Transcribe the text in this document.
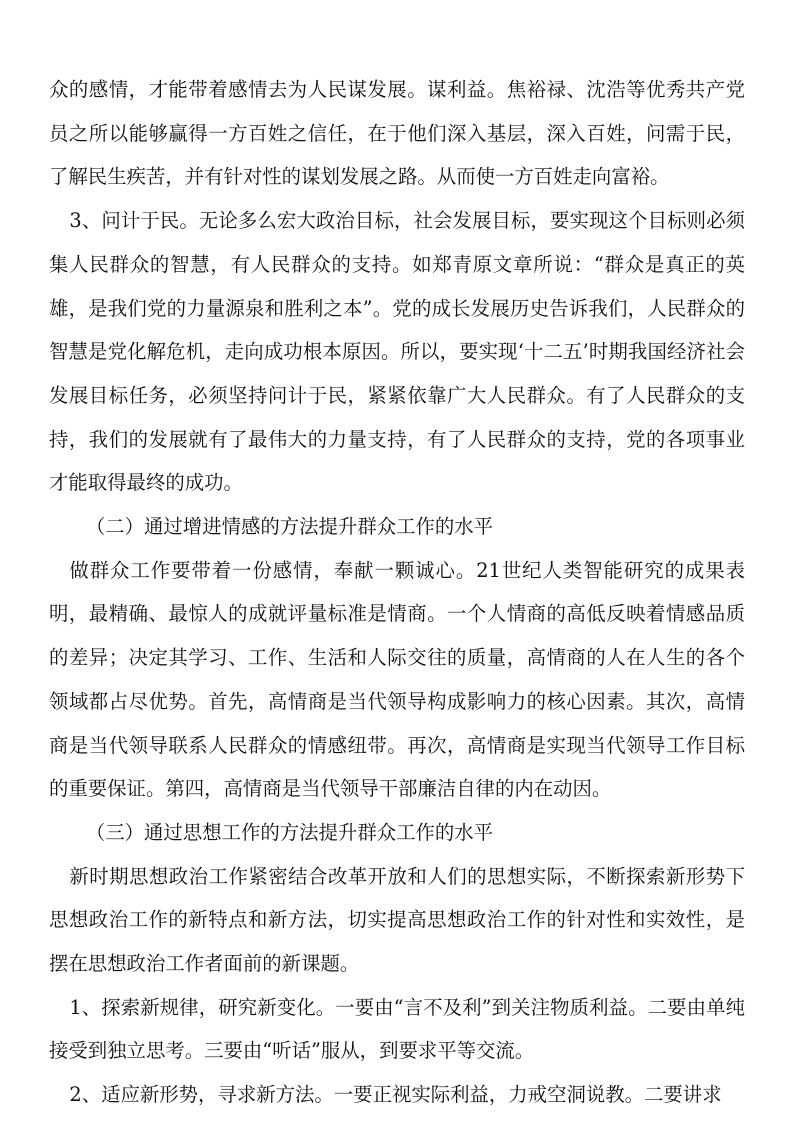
众的感情，才能带着感情去为人民谋发展。谋利益。焦裕禄、沈浩等优秀共产党员之所以能够赢得一方百姓之信任，在于他们深入基层，深入百姓，问需于民，了解民生疾苦，并有针对性的谋划发展之路。从而使一方百姓走向富裕。

3、问计于民。无论多么宏大政治目标，社会发展目标，要实现这个目标则必须集人民群众的智慧，有人民群众的支持。如郑青原文章所说：“群众是真正的英雄，是我们党的力量源泉和胜利之本”。党的成长发展历史告诉我们，人民群众的智慧是党化解危机，走向成功根本原因。所以，要实现‘十二五’时期我国经济社会发展目标任务，必须坚持问计于民，紧紧依靠广大人民群众。有了人民群众的支持，我们的发展就有了最伟大的力量支持，有了人民群众的支持，党的各项事业才能取得最终的成功。

（二）通过增进情感的方法提升群众工作的水平

做群众工作要带着一份感情，奉献一颗诚心。21世纪人类智能研究的成果表明，最精确、最惊人的成就评量标准是情商。一个人情商的高低反映着情感品质的差异；决定其学习、工作、生活和人际交往的质量，高情商的人在人生的各个领域都占尽优势。首先，高情商是当代领导构成影响力的核心因素。其次，高情商是当代领导联系人民群众的情感纽带。再次，高情商是实现当代领导工作目标的重要保证。第四，高情商是当代领导干部廉洁自律的内在动因。

（三）通过思想工作的方法提升群众工作的水平

新时期思想政治工作紧密结合改革开放和人们的思想实际，不断探索新形势下思想政治工作的新特点和新方法，切实提高思想政治工作的针对性和实效性，是摆在思想政治工作者面前的新课题。

1、探索新规律，研究新变化。一要由“言不及利”到关注物质利益。二要由单纯接受到独立思考。三要由“听话”服从，到要求平等交流。

2、适应新形势，寻求新方法。一要正视实际利益，力戒空洞说教。二要讲求
